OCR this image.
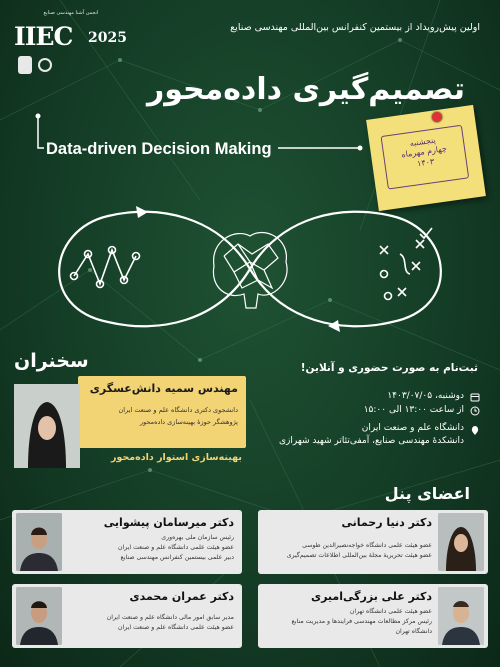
انجمن آشنا مهندسی صنایع
IIEC 2025
اولین پیش‌رویداد از بیستمین کنفرانس بین‌المللی مهندسی صنایع
تصمیم‌گیری داده‌محور
Data-driven Decision Making	پنجشنبه
چهارم مهرماه
۱۴۰۳
سخنران	ثبت‌نام به صورت حضوری و آنلاین!
دوشنبه، ۱۴۰۳/۰۷/۰۵
از ساعت ۱۳:۰۰ الی ۱۵:۰۰
دانشگاه علم و صنعت ایران
دانشکدهٔ مهندسی صنایع، آمفی‌تئاتر شهید شهرازی
مهندس سمیه دانش‌عسگری
دانشجوی دکتری دانشگاه علم و صنعت ایران
پژوهشگر حوزهٔ بهینه‌سازی داده‌محور
بهینه‌سازی استوار داده‌محور
اعضای پنل
دکتر دنیا رحمانی
عضو هیئت علمی دانشگاه خواجه‌نصیرالدین طوسی
عضو هیئت تحریریهٔ مجلهٔ بین‌المللی اطلاعات تصمیم‌گیری
دکتر میرسامان پیشوایی
رئیس سازمان ملی بهره‌وری
عضو هیئت علمی دانشگاه علم و صنعت ایران
دبیر علمی بیستمین کنفرانس مهندسی صنایع
دکتر علی بزرگی‌امیری
عضو هیئت علمی دانشگاه تهران
رئیس مرکز مطالعات مهندسی فرایندها و مدیریت منابع
دانشگاه تهران
دکتر عمران محمدی
مدیر سابق امور مالی دانشگاه علم و صنعت ایران
عضو هیئت علمی دانشگاه علم و صنعت ایران
